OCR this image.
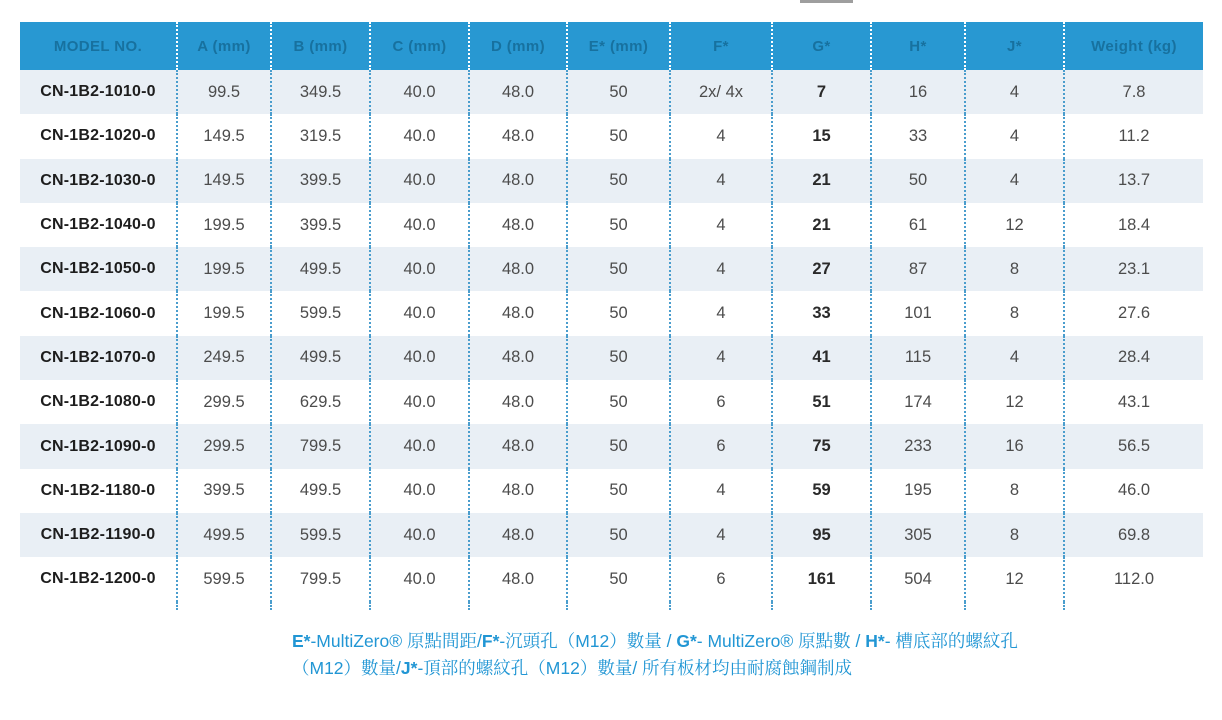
MODEL NO.	A (mm)	B (mm)	C (mm)	D (mm)	E* (mm)	F*	G*	H*	J*	Weight (kg)
CN-1B2-1010-0	99.5	349.5	40.0	48.0	50	2x/ 4x	7	16	4	7.8
CN-1B2-1020-0	149.5	319.5	40.0	48.0	50	4	15	33	4	11.2
CN-1B2-1030-0	149.5	399.5	40.0	48.0	50	4	21	50	4	13.7
CN-1B2-1040-0	199.5	399.5	40.0	48.0	50	4	21	61	12	18.4
CN-1B2-1050-0	199.5	499.5	40.0	48.0	50	4	27	87	8	23.1
CN-1B2-1060-0	199.5	599.5	40.0	48.0	50	4	33	101	8	27.6
CN-1B2-1070-0	249.5	499.5	40.0	48.0	50	4	41	115	4	28.4
CN-1B2-1080-0	299.5	629.5	40.0	48.0	50	6	51	174	12	43.1
CN-1B2-1090-0	299.5	799.5	40.0	48.0	50	6	75	233	16	56.5
CN-1B2-1180-0	399.5	499.5	40.0	48.0	50	4	59	195	8	46.0
CN-1B2-1190-0	499.5	599.5	40.0	48.0	50	4	95	305	8	69.8
CN-1B2-1200-0	599.5	799.5	40.0	48.0	50	6	161	504	12	112.0

E*-MultiZero® 原點間距/F*-沉頭孔（M12）數量 / G*- MultiZero® 原點數 / H*- 槽底部的螺紋孔
（M12）數量/J*-頂部的螺紋孔（M12）數量/ 所有板材均由耐腐蝕鋼制成
